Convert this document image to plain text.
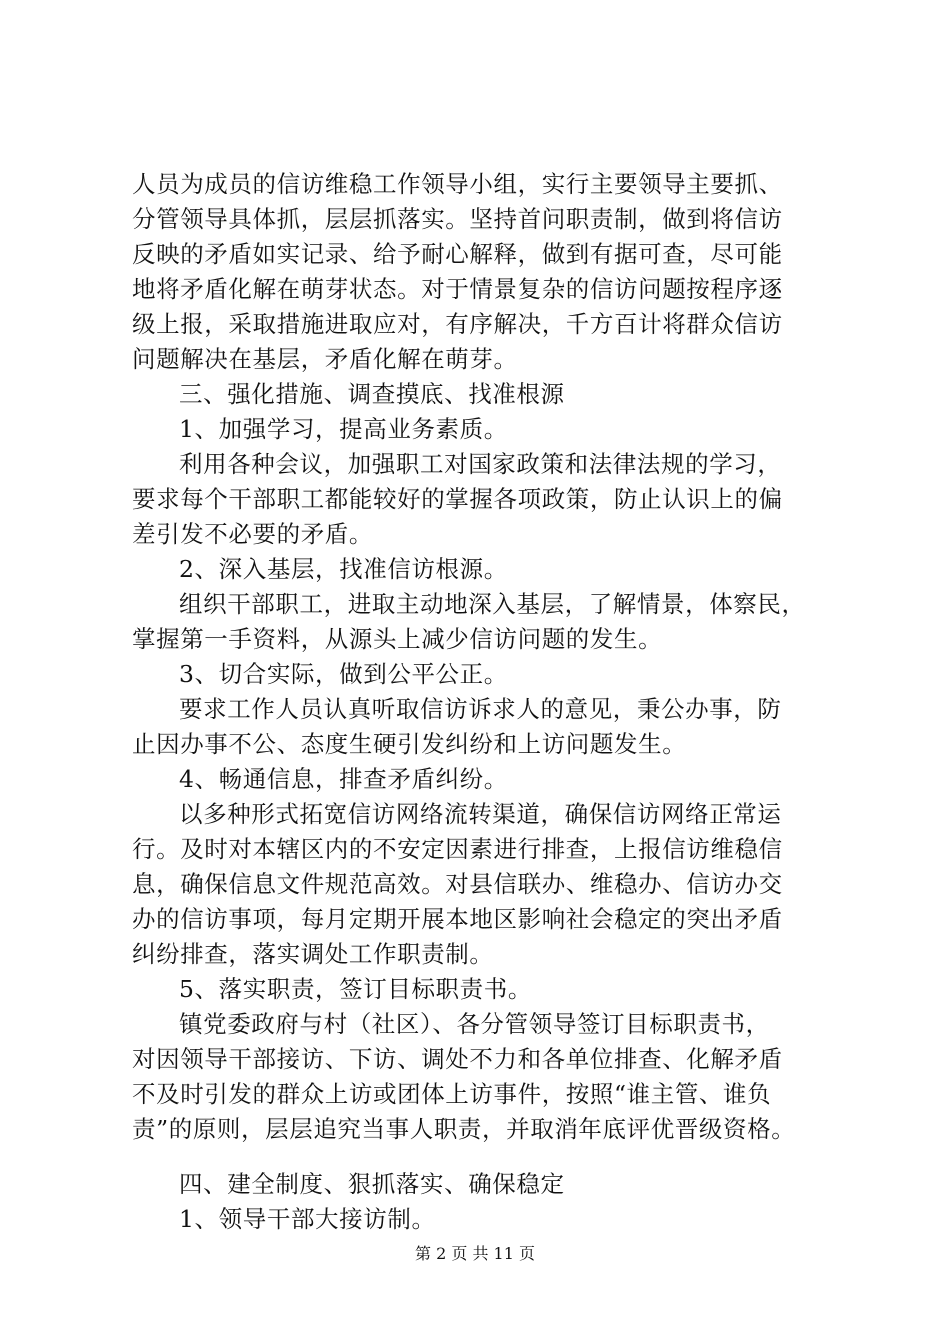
人员为成员的信访维稳工作领导小组，实行主要领导主要抓、
分管领导具体抓，层层抓落实。坚持首问职责制，做到将信访
反映的矛盾如实记录、给予耐心解释，做到有据可查，尽可能
地将矛盾化解在萌芽状态。对于情景复杂的信访问题按程序逐
级上报，采取措施进取应对，有序解决，千方百计将群众信访
问题解决在基层，矛盾化解在萌芽。
三、强化措施、调查摸底、找准根源
1、加强学习，提高业务素质。
利用各种会议，加强职工对国家政策和法律法规的学习，
要求每个干部职工都能较好的掌握各项政策，防止认识上的偏
差引发不必要的矛盾。
2、深入基层，找准信访根源。
组织干部职工，进取主动地深入基层，了解情景，体察民，
掌握第一手资料，从源头上减少信访问题的发生。
3、切合实际，做到公平公正。
要求工作人员认真听取信访诉求人的意见，秉公办事，防
止因办事不公、态度生硬引发纠纷和上访问题发生。
4、畅通信息，排查矛盾纠纷。
以多种形式拓宽信访网络流转渠道，确保信访网络正常运
行。及时对本辖区内的不安定因素进行排查，上报信访维稳信
息，确保信息文件规范高效。对县信联办、维稳办、信访办交
办的信访事项，每月定期开展本地区影响社会稳定的突出矛盾
纠纷排查，落实调处工作职责制。
5、落实职责，签订目标职责书。
镇党委政府与村（社区）、各分管领导签订目标职责书，
对因领导干部接访、下访、调处不力和各单位排查、化解矛盾
不及时引发的群众上访或团体上访事件，按照“谁主管、谁负
责”的原则，层层追究当事人职责，并取消年底评优晋级资格。
四、建全制度、狠抓落实、确保稳定
1、领导干部大接访制。
第 2 页 共 11 页
